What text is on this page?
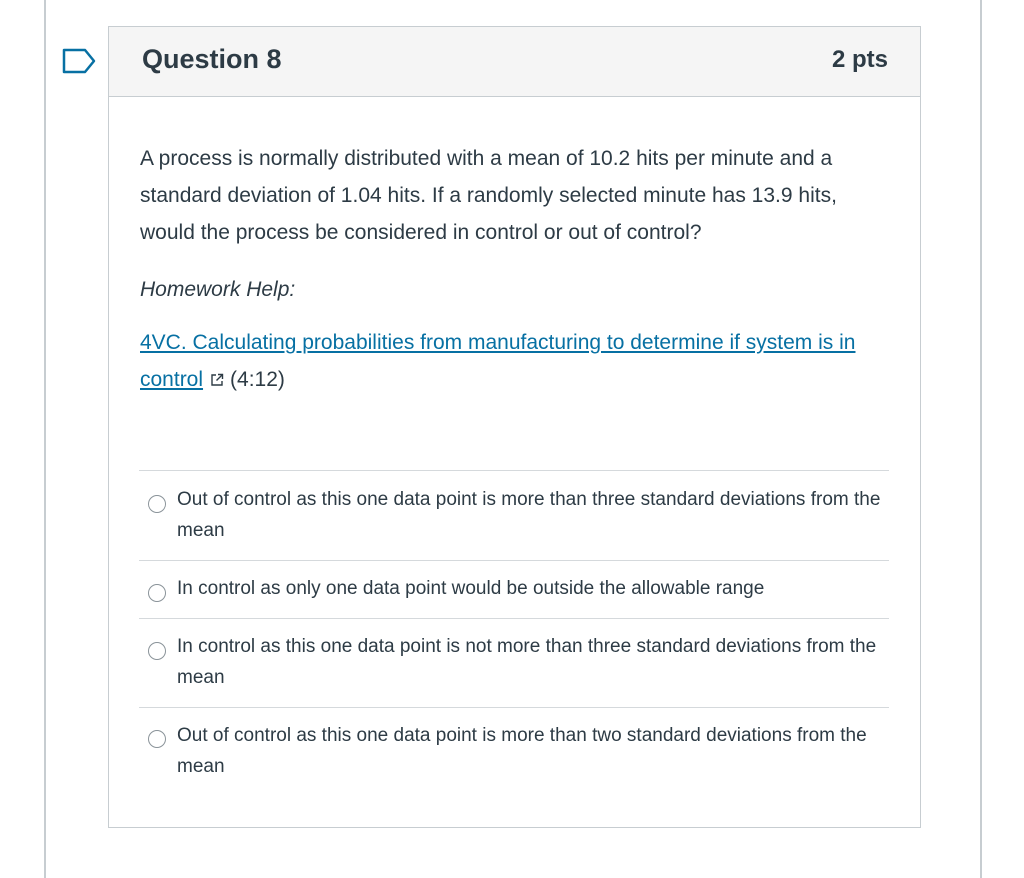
Question 8	2 pts

A process is normally distributed with a mean of 10.2 hits per minute and a standard deviation of 1.04 hits. If a randomly selected minute has 13.9 hits, would the process be considered in control or out of control?

Homework Help:
4VC. Calculating probabilities from manufacturing to determine if system is in control (4:12)
Out of control as this one data point is more than three standard deviations from the mean
In control as only one data point would be outside the allowable range
In control as this one data point is not more than three standard deviations from the mean
Out of control as this one data point is more than two standard deviations from the mean
